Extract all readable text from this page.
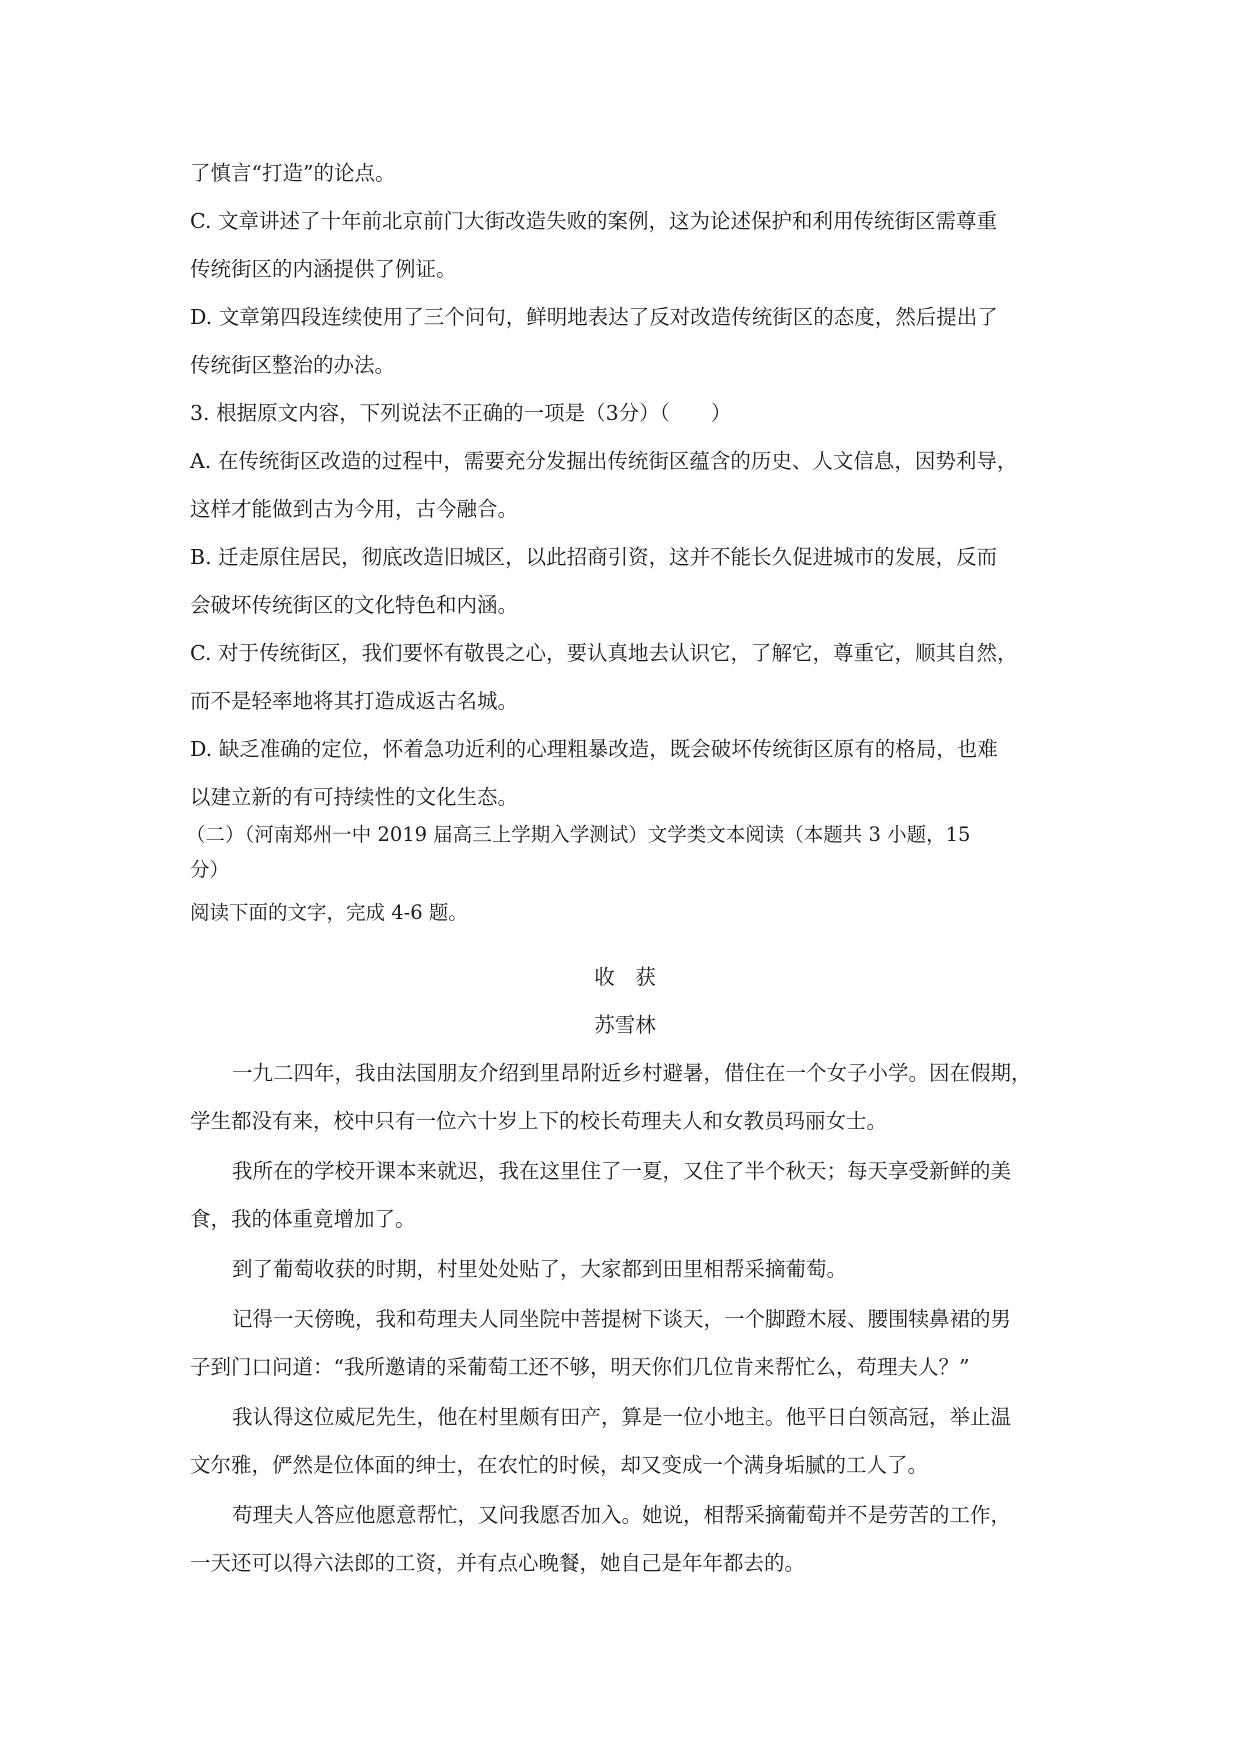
了慎言“打造”的论点。
C. 文章讲述了十年前北京前门大街改造失败的案例，这为论述保护和利用传统街区需尊重
传统街区的内涵提供了例证。
D. 文章第四段连续使用了三个问句，鲜明地表达了反对改造传统街区的态度，然后提出了
传统街区整治的办法。
3. 根据原文内容，下列说法不正确的一项是（3分）（　　）
A. 在传统街区改造的过程中，需要充分发掘出传统街区蕴含的历史、人文信息，因势利导，
这样才能做到古为今用，古今融合。
B. 迁走原住居民，彻底改造旧城区，以此招商引资，这并不能长久促进城市的发展，反而
会破坏传统街区的文化特色和内涵。
C. 对于传统街区，我们要怀有敬畏之心，要认真地去认识它，了解它，尊重它，顺其自然，
而不是轻率地将其打造成返古名城。
D. 缺乏准确的定位，怀着急功近利的心理粗暴改造，既会破坏传统街区原有的格局，也难
以建立新的有可持续性的文化生态。
（二）（河南郑州一中 2019 届高三上学期入学测试）文学类文本阅读（本题共 3 小题，15
分）
阅读下面的文字，完成 4-6 题。
收　获
苏雪林
一九二四年，我由法国朋友介绍到里昂附近乡村避暑，借住在一个女子小学。因在假期，
学生都没有来，校中只有一位六十岁上下的校长苟理夫人和女教员玛丽女士。
我所在的学校开课本来就迟，我在这里住了一夏，又住了半个秋天；每天享受新鲜的美
食，我的体重竟增加了。
到了葡萄收获的时期，村里处处贴了，大家都到田里相帮采摘葡萄。
记得一天傍晚，我和苟理夫人同坐院中菩提树下谈天，一个脚蹬木屐、腰围犊鼻裙的男
子到门口问道：“我所邀请的采葡萄工还不够，明天你们几位肯来帮忙么，苟理夫人？”
我认得这位威尼先生，他在村里颇有田产，算是一位小地主。他平日白领高冠，举止温
文尔雅，俨然是位体面的绅士，在农忙的时候，却又变成一个满身垢腻的工人了。
苟理夫人答应他愿意帮忙，又问我愿否加入。她说，相帮采摘葡萄并不是劳苦的工作，
一天还可以得六法郎的工资，并有点心晚餐，她自己是年年都去的。
